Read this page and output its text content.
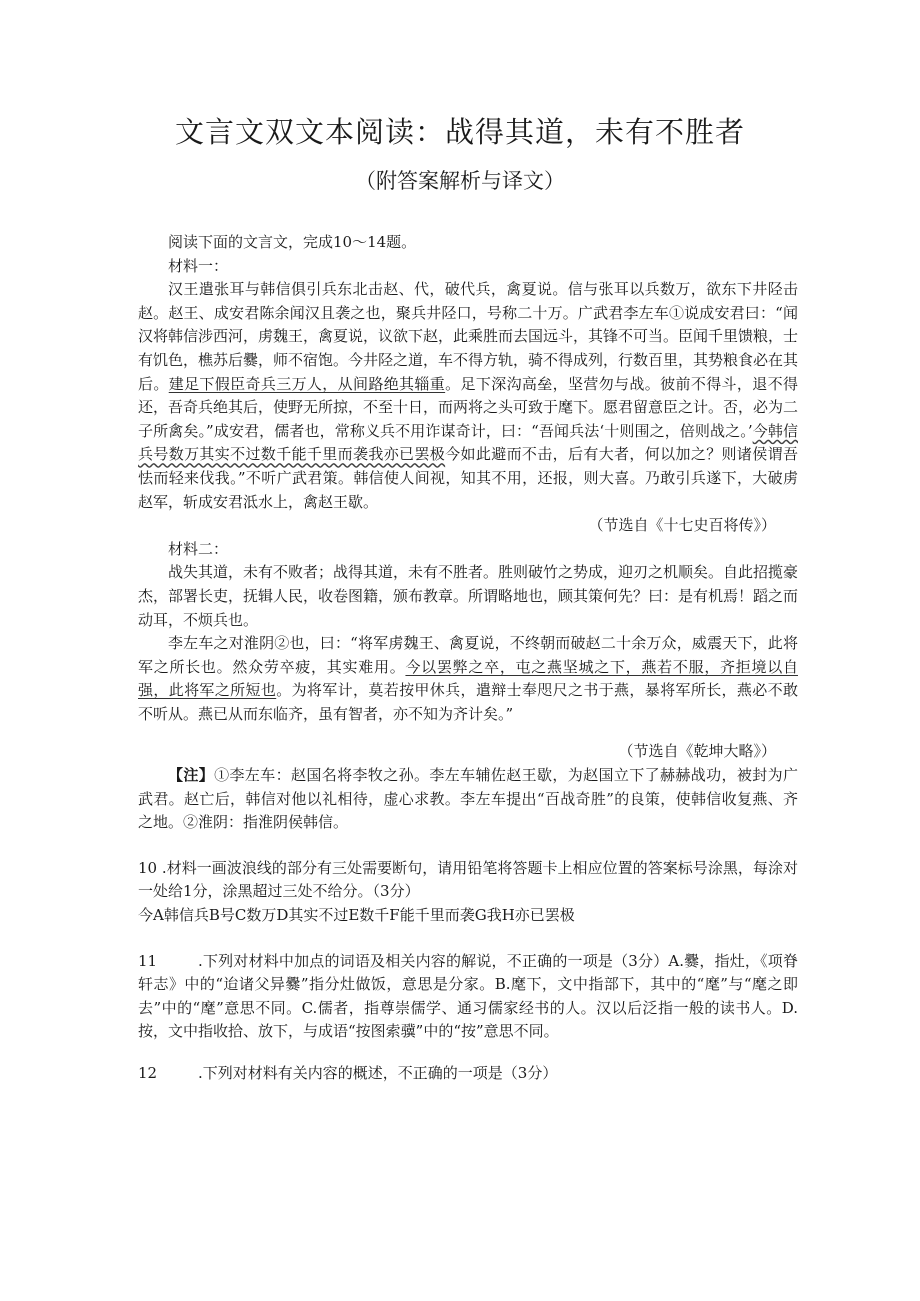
文言文双文本阅读：战得其道，未有不胜者
（附答案解析与译文）

阅读下面的文言文，完成10～14题。

材料一：

汉王遣张耳与韩信俱引兵东北击赵、代，破代兵，禽夏说。信与张耳以兵数万，欲东下井陉击赵。赵王、成安君陈余闻汉且袭之也，聚兵井陉口，号称二十万。广武君李左车①说成安君曰：“闻汉将韩信涉西河，虏魏王，禽夏说，议欲下赵，此乘胜而去国远斗，其锋不可当。臣闻千里馈粮，士有饥色，樵苏后爨，师不宿饱。今井陉之道，车不得方轨，骑不得成列，行数百里，其势粮食必在其后。建足下假臣奇兵三万人，从间路绝其辎重。足下深沟高垒，坚营勿与战。彼前不得斗，退不得还，吾奇兵绝其后，使野无所掠，不至十日，而两将之头可致于麾下。愿君留意臣之计。否，必为二子所禽矣。”成安君，儒者也，常称义兵不用诈谋奇计，曰：“吾闻兵法‘十则围之，倍则战之。’今韩信兵号数万其实不过数千能千里而袭我亦已罢极今如此避而不击，后有大者，何以加之？则诸侯谓吾怯而轻来伐我。”不听广武君策。韩信使人间视，知其不用，还报，则大喜。乃敢引兵遂下，大破虏赵军，斩成安君泜水上，禽赵王歇。

（节选自《十七史百将传》）

材料二：

战失其道，未有不败者；战得其道，未有不胜者。胜则破竹之势成，迎刃之机顺矣。自此招揽豪杰，部署长吏，抚辑人民，收卷图籍，颁布教章。所谓略地也，顾其策何先？曰：是有机焉！蹈之而动耳，不烦兵也。

李左车之对淮阴②也，曰：“将军虏魏王、禽夏说，不终朝而破赵二十余万众，威震天下，此将军之所长也。然众劳卒疲，其实难用。今以罢弊之卒，屯之燕坚城之下，燕若不服，齐拒境以自强，此将军之所短也。为将军计，莫若按甲休兵，遣辩士奉咫尺之书于燕，暴将军所长，燕必不敢不听从。燕已从而东临齐，虽有智者，亦不知为齐计矣。”

（节选自《乾坤大略》）

【注】①李左车：赵国名将李牧之孙。李左车辅佐赵王歇，为赵国立下了赫赫战功，被封为广武君。赵亡后，韩信对他以礼相待，虚心求教。李左车提出“百战奇胜”的良策，使韩信收复燕、齐之地。②淮阴：指淮阴侯韩信。

10 .材料一画波浪线的部分有三处需要断句，请用铅笔将答题卡上相应位置的答案标号涂黑，每涂对一处给1分，涂黑超过三处不给分。（3分）

今A韩信兵B号C数万D其实不过E数千F能千里而袭G我H亦已罢极

11	.下列对材料中加点的词语及相关内容的解说，不正确的一项是（3分）A.爨，指灶，《项脊轩志》中的“迨诸父异爨”指分灶做饭，意思是分家。B.麾下，文中指部下，其中的“麾”与“麾之即去”中的“麾”意思不同。C.儒者，指尊崇儒学、通习儒家经书的人。汉以后泛指一般的读书人。D.按，文中指收拾、放下，与成语“按图索骥”中的“按”意思不同。

12	.下列对材料有关内容的概述，不正确的一项是（3分）
